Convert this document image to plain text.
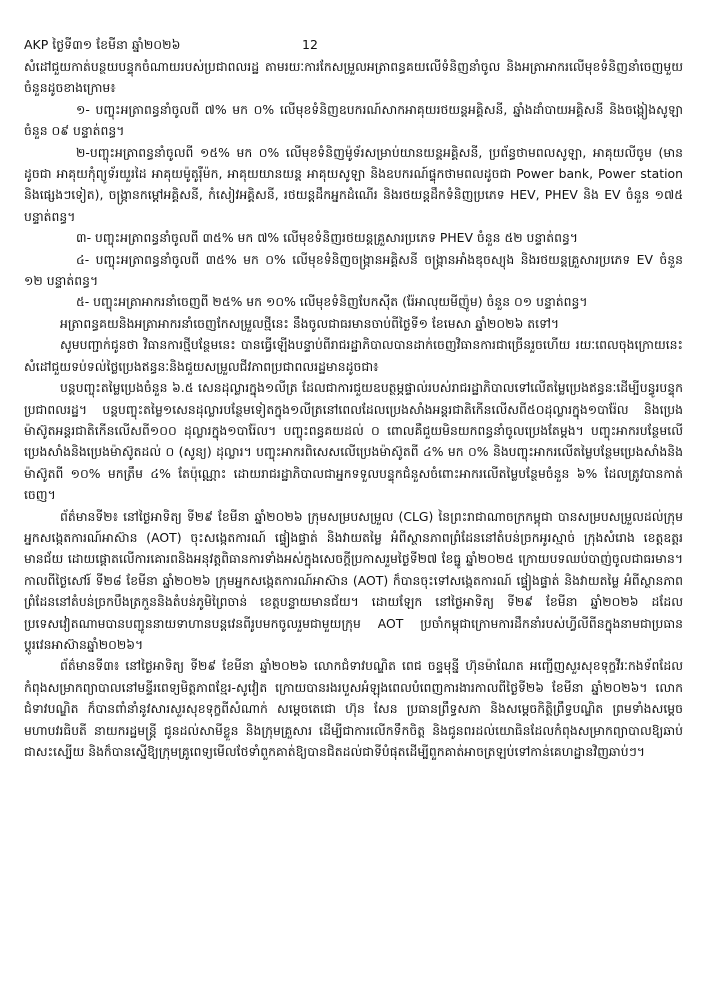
AKP ថ្ងៃទី៣១ ខែមីនា ឆ្នាំ២០២៦	12

សំដៅជួយកាត់បន្ថយបន្ទុកចំណាយរបស់ប្រជាពលរដ្ឋ តាមរយៈការកែសម្រួលអត្រាពន្ធគយលើទំនិញនាំចូល និងអត្រាអាករលើមុខទំនិញនាំចេញមួយចំនួនដូចខាងក្រោម៖

១- បញ្ចុះអត្រាពន្ធនាំចូលពី ៧% មក ០% លើមុខទំនិញឧបករណ៍សាកអាគុយរថយន្តអគ្គិសនី, ឆ្នាំងដាំបាយអគ្គិសនី និងចង្កៀងសូឡាចំនួន ០៩ បន្ទាត់ពន្ធ។

២-បញ្ចុះអត្រាពន្ធនាំចូលពី ១៥% មក ០% លើមុខទំនិញម៉ូទ័រសម្រាប់យានយន្តអគ្គិសនី, ប្រព័ន្ធថាមពលសូឡា, អាគុយលីចូម (មានដូចជា អាគុយកុំព្យូទ័រយួរដៃ អាគុយម៉ូតូរ៉ឺម៉ក, អាគុយយានយន្ត អាគុយសូឡា និងឧបករណ៍ផ្ទុកថាមពលដូចជា Power bank, Power station និងផ្សេងៗទៀត), ចង្ក្រានកម្ដៅអគ្គិសនី, កំសៀវអគ្គិសនី, រថយន្តដឹកអ្នកដំណើរ និងរថយន្តដឹកទំនិញប្រភេទ HEV, PHEV និង EV ចំនួន ១៧៥ បន្ទាត់ពន្ធ។

៣- បញ្ចុះអត្រាពន្ធនាំចូលពី ៣៥% មក ៧% លើមុខទំនិញរថយន្តគ្រួសារប្រភេទ PHEV ចំនួន ៥២ បន្ទាត់ពន្ធ។

៤- បញ្ចុះអត្រាពន្ធនាំចូលពី ៣៥% មក ០% លើមុខទំនិញចង្ក្រានអគ្គិសនី ចង្ក្រានអាំងឌុចស្យុង និងរថយន្តគ្រួសារប្រភេទ EV ចំនួន ១២ បន្ទាត់ពន្ធ។

៥- បញ្ចុះអត្រាអាករនាំចេញពី ២៥% មក ១០% លើមុខទំនិញបែកស៊ីត (រ៉ែអាលុយមីញ៉ូម) ចំនួន ០១ បន្ទាត់ពន្ធ។

អត្រាពន្ធគយនិងអត្រាអាករនាំចេញកែសម្រួលថ្មីនេះ នឹងចូលជាធរមានចាប់ពីថ្ងៃទី១ ខែមេសា ឆ្នាំ២០២៦ តទៅ។

សូមបញ្ជាក់ជូនថា វិធានការថ្មីបន្ថែមនេះ បានធ្វើឡើងបន្ទាប់ពីរាជរដ្ឋាភិបាលបានដាក់ចេញវិធានការជាច្រើនរួចហើយ រយៈពេលចុងក្រោយនេះសំដៅជួយទប់ទល់ថ្លៃប្រេងឥន្ធនៈនិងជួយសម្រួលជីវភាពប្រជាពលរដ្ឋមានដូចជា៖

បន្តបញ្ចុះតម្លៃប្រេងចំនួន ៦.៥ សេនដុល្លារក្នុង១លីត្រ ដែលជាការជួយឧបត្ថម្ភផ្ទាល់របស់រាជរដ្ឋាភិបាលទៅលើតម្លៃប្រេងឥន្ធនៈដើម្បីបន្ធូរបន្ទុកប្រជាពលរដ្ឋ។ បន្តបញ្ចុះតម្លៃ១សេនដុល្លារបន្ថែមទៀតក្នុង១លីត្រនៅពេលដែលប្រេងសាំងអន្តរជាតិកើនលើសពី៥០ដុល្លារក្នុង១បារ៉ែល និងប្រេងម៉ាស៊ូតអន្តរជាតិកើនលើសពី១០០ ដុល្លារក្នុង១បារ៉ែល។ បញ្ចុះពន្ធគយដល់ ០ ពោលគឺជួយមិនយកពន្ធនាំចូលប្រេងតែម្ដង។ បញ្ចុះអាករបន្ថែមលើប្រេងសាំងនិងប្រេងម៉ាស៊ូតដល់ ០ (សូន្យ) ដុល្លារ។ បញ្ចុះអាករពិសេសលើប្រេងម៉ាស៊ូតពី ៤% មក ០% និងបញ្ចុះអាករលើតម្លៃបន្ថែមប្រេងសាំងនិងម៉ាស៊ូតពី ១០% មកត្រឹម ៤% តែប៉ុណ្ណោះ ដោយរាជរដ្ឋាភិបាលជាអ្នកទទួលបន្ទុកជំនួសចំពោះអាករលើតម្លៃបន្ថែមចំនួន ៦% ដែលត្រូវបានកាត់ចេញ។

ព័ត៌មានទី២៖ នៅថ្ងៃអាទិត្យ ទី២៩ ខែមីនា ឆ្នាំ២០២៦ ក្រុមសម្របសម្រួល (CLG) នៃព្រះរាជាណាចក្រកម្ពុជា បានសម្របសម្រួលដល់ក្រុមអ្នកសង្កេតការណ៍អាស៊ាន (AOT) ចុះសង្កេតការណ៍ ផ្ទៀងផ្ទាត់ និងវាយតម្លៃ អំពីស្ថានភាពព្រំដែននៅតំបន់ច្រកអូរស្មាច់ ក្រុងសំរោង ខេត្តឧត្តរមានជ័យ ដោយផ្តោតលើការគោរពនិងអនុវត្តពិធានការទាំងអស់ក្នុងសេចក្តីប្រកាសរួមថ្ងៃទី២៧ ខែធ្នូ ឆ្នាំ២០២៥ ក្រោយបទឈប់បាញ់ចូលជាធរមាន។ កាលពីថ្ងៃសៅរ៍ ទី២៨ ខែមីនា ឆ្នាំ២០២៦ ក្រុមអ្នកសង្កេតការណ៍អាស៊ាន (AOT) ក៏បានចុះទៅសង្កេតការណ៍ ផ្ទៀងផ្ទាត់ និងវាយតម្លៃ អំពីស្ថានភាពព្រំដែននៅតំបន់ច្រកបឹងត្រកួននិងតំបន់ភូមិព្រៃចាន់ ខេត្តបន្ទាយមានជ័យ។ ដោយឡែក នៅថ្ងៃអាទិត្យ ទី២៩ ខែមីនា ឆ្នាំ២០២៦ ដដែល ប្រទេសវៀតណាមបានបញ្ជូននាយទាហានបន្តវេនពីរូបមកចូលរួមជាមួយក្រុម AOT ប្រចាំកម្ពុជាក្រោមការដឹកនាំរបស់ហ្វីលីពីនក្នុងនាមជាប្រធានប្តូរវេនអាស៊ានឆ្នាំ២០២៦។

ព័ត៌មានទី៣៖ នៅថ្ងៃអាទិត្យ ទី២៩ ខែមីនា ឆ្នាំ២០២៦ លោកជំទាវបណ្ឌិត ពេជ ចន្ទមុន្នី ហ៊ុនម៉ាណែត អញ្ជើញសួរសុខទុក្ខវីរៈកងទ័ពដែលកំពុងសម្រាកព្យាបាលនៅមន្ទីរពេទ្យមិត្តភាពខ្មែរ-សូវៀត ក្រោយបានរងរបួសអំឡុងពេលបំពេញការងារកាលពីថ្ងៃទី២៦ ខែមីនា ឆ្នាំ២០២៦។ លោកជំទាវបណ្ឌិត ក៏បានពាំនាំនូវសារសួរសុខទុក្ខពីសំណាក់ សម្ដេចតេជោ ហ៊ុន សែន ប្រធានព្រឹទ្ធសភា និងសម្តេចកិត្តិព្រឹទ្ធបណ្ឌិត ព្រមទាំងសម្ដេចមហាបវរធិបតី នាយករដ្ឋមន្ត្រី ជូនដល់សាមីខ្លួន និងក្រុមគ្រួសារ ដើម្បីជាការលើកទឹកចិត្ត និងជូនពរដល់យោធិនដែលកំពុងសម្រាកព្យាបាលឱ្យឆាប់ជាសះស្បើយ និងក៏បានស្នើឱ្យក្រុមគ្រូពេទ្យមើលថែទាំពួកគាត់ឱ្យបានជិតដល់ជាទីបំផុតដើម្បីពួកគាត់អាចត្រឡប់ទៅកាន់គេហដ្ឋានវិញឆាប់ៗ។
